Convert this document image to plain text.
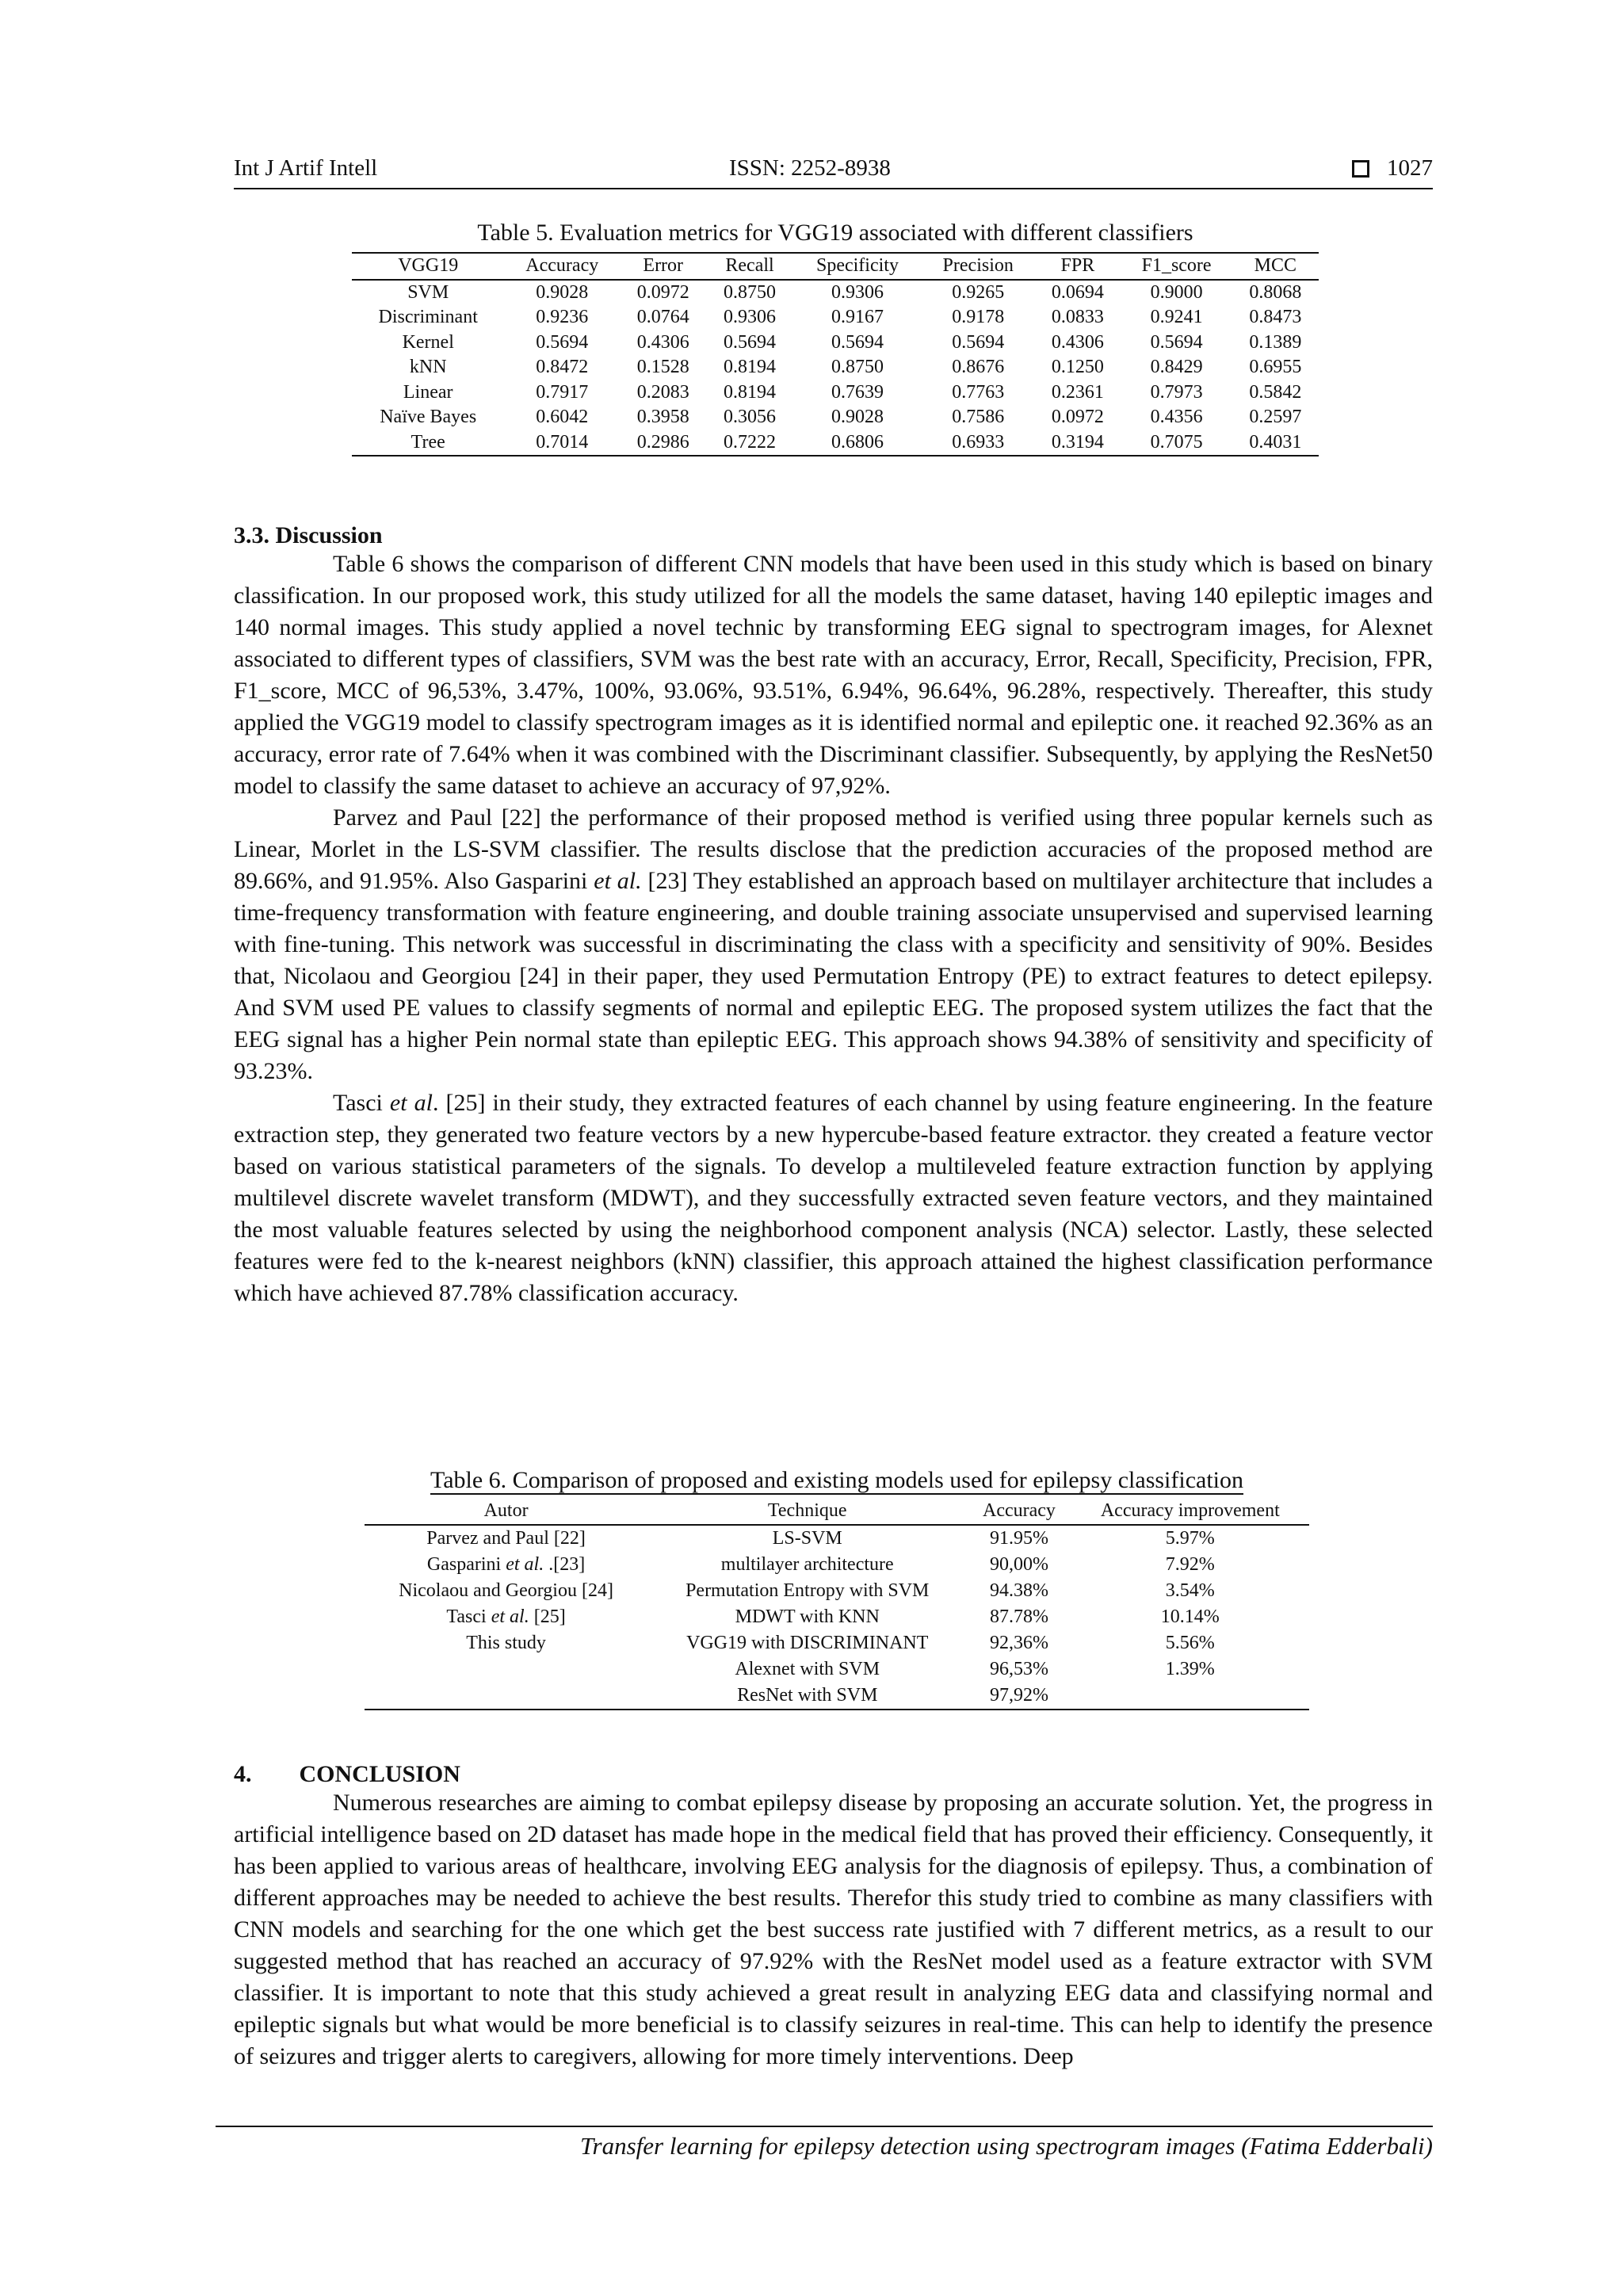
Int J Artif Intell	ISSN: 2252-8938	1027
Table 5. Evaluation metrics for VGG19 associated with different classifiers
VGG19	Accuracy	Error	Recall	Specificity	Precision	FPR	F1_score	MCC
SVM	0.9028	0.0972	0.8750	0.9306	0.9265	0.0694	0.9000	0.8068
Discriminant	0.9236	0.0764	0.9306	0.9167	0.9178	0.0833	0.9241	0.8473
Kernel	0.5694	0.4306	0.5694	0.5694	0.5694	0.4306	0.5694	0.1389
kNN	0.8472	0.1528	0.8194	0.8750	0.8676	0.1250	0.8429	0.6955
Linear	0.7917	0.2083	0.8194	0.7639	0.7763	0.2361	0.7973	0.5842
Naïve Bayes	0.6042	0.3958	0.3056	0.9028	0.7586	0.0972	0.4356	0.2597
Tree	0.7014	0.2986	0.7222	0.6806	0.6933	0.3194	0.7075	0.4031
3.3. Discussion

Table 6 shows the comparison of different CNN models that have been used in this study which is based on binary classification. In our proposed work, this study utilized for all the models the same dataset, having 140 epileptic images and 140 normal images. This study applied a novel technic by transforming EEG signal to spectrogram images, for Alexnet associated to different types of classifiers, SVM was the best rate with an accuracy, Error, Recall, Specificity, Precision, FPR, F1_score, MCC of 96,53%, 3.47%, 100%, 93.06%, 93.51%, 6.94%, 96.64%, 96.28%, respectively. Thereafter, this study applied the VGG19 model to classify spectrogram images as it is identified normal and epileptic one. it reached 92.36% as an accuracy, error rate of 7.64% when it was combined with the Discriminant classifier. Subsequently, by applying the ResNet50 model to classify the same dataset to achieve an accuracy of 97,92%.

Parvez and Paul [22] the performance of their proposed method is verified using three popular kernels such as Linear, Morlet in the LS-SVM classifier. The results disclose that the prediction accuracies of the proposed method are 89.66%, and 91.95%. Also Gasparini et al. [23] They established an approach based on multilayer architecture that includes a time-frequency transformation with feature engineering, and double training associate unsupervised and supervised learning with fine-tuning. This network was successful in discriminating the class with a specificity and sensitivity of 90%. Besides that, Nicolaou and Georgiou [24] in their paper, they used Permutation Entropy (PE) to extract features to detect epilepsy. And SVM used PE values to classify segments of normal and epileptic EEG. The proposed system utilizes the fact that the EEG signal has a higher Pein normal state than epileptic EEG. This approach shows 94.38% of sensitivity and specificity of 93.23%.

Tasci et al. [25] in their study, they extracted features of each channel by using feature engineering. In the feature extraction step, they generated two feature vectors by a new hypercube-based feature extractor. they created a feature vector based on various statistical parameters of the signals. To develop a multileveled feature extraction function by applying multilevel discrete wavelet transform (MDWT), and they successfully extracted seven feature vectors, and they maintained the most valuable features selected by using the neighborhood component analysis (NCA) selector. Lastly, these selected features were fed to the k-nearest neighbors (kNN) classifier, this approach attained the highest classification performance which have achieved 87.78% classification accuracy.

Table 6. Comparison of proposed and existing models used for epilepsy classification
Autor	Technique	Accuracy	Accuracy improvement
Parvez and Paul [22]	LS-SVM	91.95%	5.97%
Gasparini et al. .[23]	multilayer architecture	90,00%	7.92%
Nicolaou and Georgiou [24]	Permutation Entropy with SVM	94.38%	3.54%
Tasci et al. [25]	MDWT with KNN	87.78%	10.14%
This study	VGG19 with DISCRIMINANT	92,36%	5.56%
	Alexnet with SVM	96,53%	1.39%
	ResNet with SVM	97,92%	
4. CONCLUSION

Numerous researches are aiming to combat epilepsy disease by proposing an accurate solution. Yet, the progress in artificial intelligence based on 2D dataset has made hope in the medical field that has proved their efficiency. Consequently, it has been applied to various areas of healthcare, involving EEG analysis for the diagnosis of epilepsy. Thus, a combination of different approaches may be needed to achieve the best results. Therefor this study tried to combine as many classifiers with CNN models and searching for the one which get the best success rate justified with 7 different metrics, as a result to our suggested method that has reached an accuracy of 97.92% with the ResNet model used as a feature extractor with SVM classifier. It is important to note that this study achieved a great result in analyzing EEG data and classifying normal and epileptic signals but what would be more beneficial is to classify seizures in real-time. This can help to identify the presence of seizures and trigger alerts to caregivers, allowing for more timely interventions. Deep

Transfer learning for epilepsy detection using spectrogram images (Fatima Edderbali)
